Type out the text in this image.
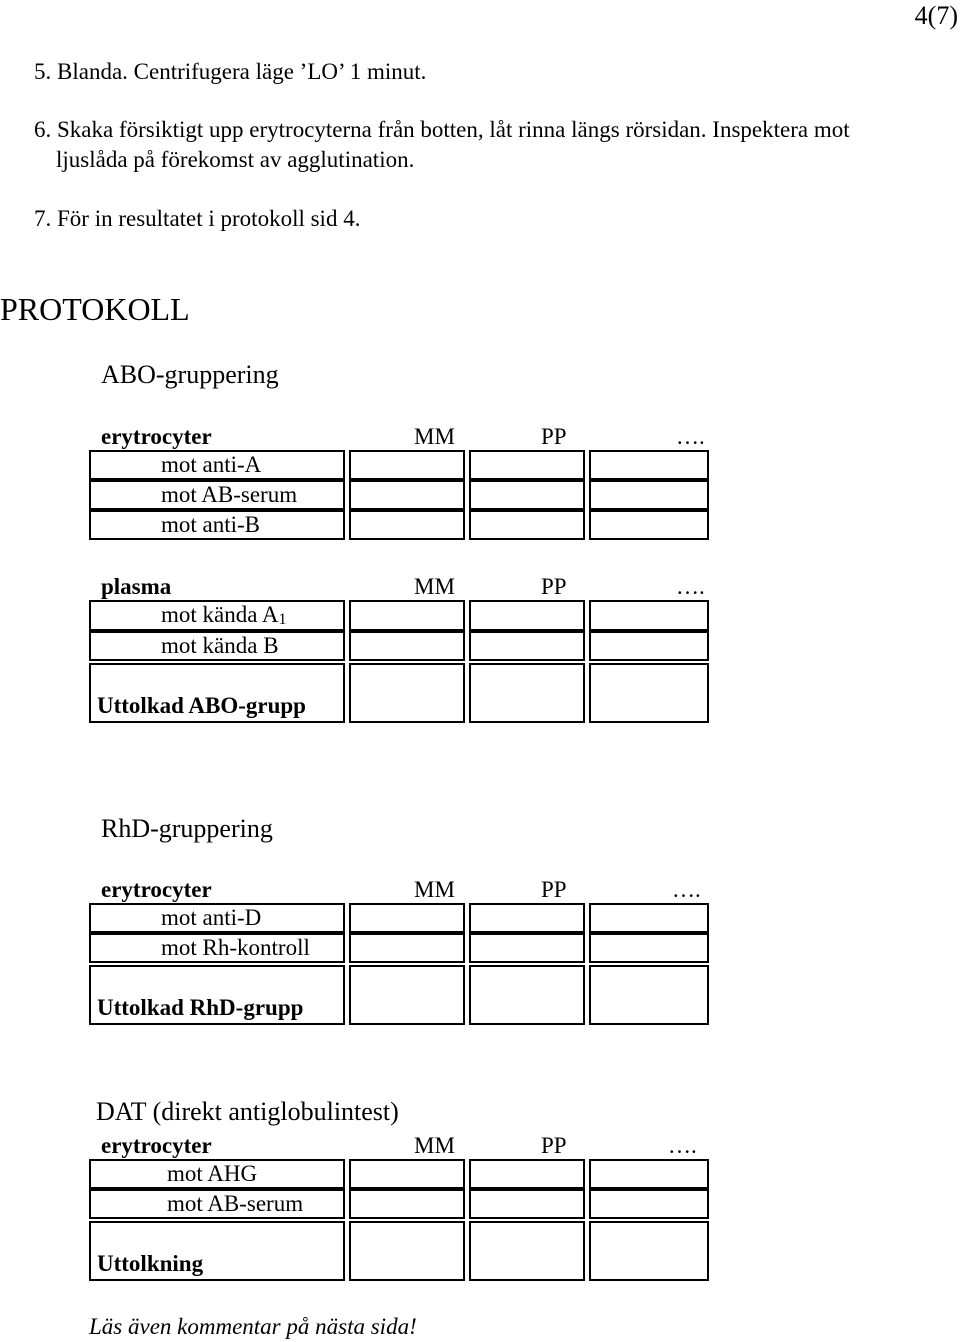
4(7)
5. Blanda. Centrifugera läge ’LO’ 1 minut.
6. Skaka försiktigt upp erytrocyterna från botten, låt rinna längs rörsidan. Inspektera mot
ljuslåda på förekomst av agglutination.
7. För in resultatet i protokoll sid 4.
PROTOKOLL
ABO-gruppering
erytrocyter	MM	PP	….
mot anti-A						
mot AB-serum						
mot anti-B						
plasma	MM	PP	….
mot kända $A_1$						
mot kända B						

Uttolkad ABO-grupp						
RhD-gruppering
erytrocyter	MM	PP	….
mot anti-D						
mot Rh-kontroll						

Uttolkad RhD-grupp						
DAT (direkt antiglobulintest)
erytrocyter	MM	PP	….
mot AHG						
mot AB-serum						

Uttolkning						
Läs även kommentar på nästa sida!
